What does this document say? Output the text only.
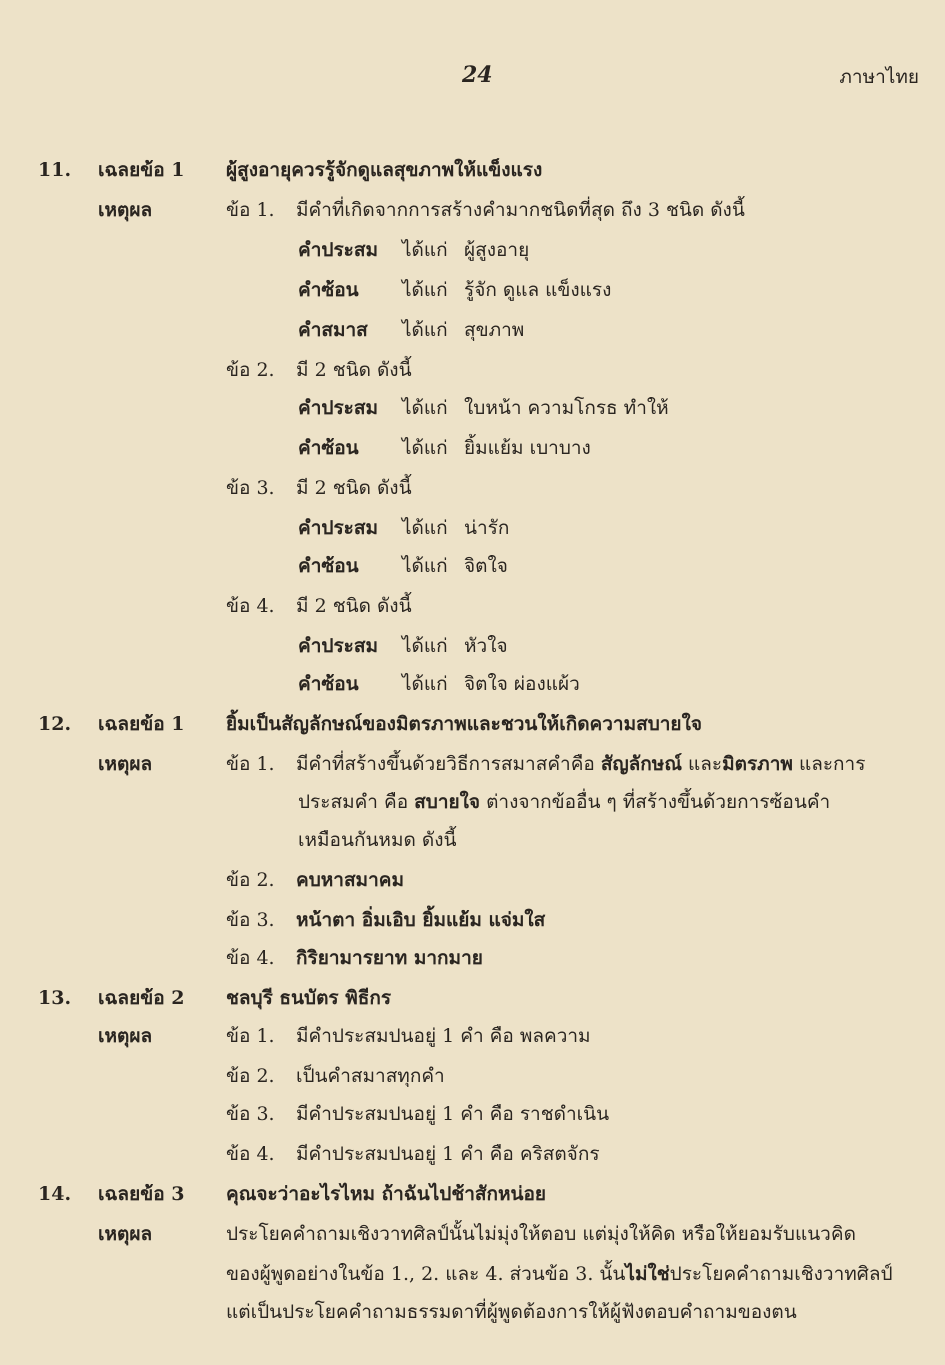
24	ภาษาไทย
11. เฉลยข้อ 1 ผู้สูงอายุควรรู้จักดูแลสุขภาพให้แข็งแรง
เหตุผล	ข้อ 1. มีคำที่เกิดจากการสร้างคำมากชนิดที่สุด ถึง 3 ชนิด ดังนี้
คำประสม ได้แก่ ผู้สูงอายุ
คำซ้อน ได้แก่ รู้จัก ดูแล แข็งแรง
คำสมาส ได้แก่ สุขภาพ
ข้อ 2. มี 2 ชนิด ดังนี้
คำประสม ได้แก่ ใบหน้า ความโกรธ ทำให้
คำซ้อน ได้แก่ ยิ้มแย้ม เบาบาง
ข้อ 3. มี 2 ชนิด ดังนี้
คำประสม ได้แก่ น่ารัก
คำซ้อน ได้แก่ จิตใจ
ข้อ 4. มี 2 ชนิด ดังนี้
คำประสม ได้แก่ หัวใจ
คำซ้อน ได้แก่ จิตใจ ผ่องแผ้ว
12. เฉลยข้อ 1 ยิ้มเป็นสัญลักษณ์ของมิตรภาพและชวนให้เกิดความสบายใจ
เหตุผล	ข้อ 1. มีคำที่สร้างขึ้นด้วยวิธีการสมาสคำคือ สัญลักษณ์ และมิตรภาพ และการ
ประสมคำ คือ สบายใจ ต่างจากข้ออื่น ๆ ที่สร้างขึ้นด้วยการซ้อนคำ
เหมือนกันหมด ดังนี้
ข้อ 2. คบหาสมาคม
ข้อ 3. หน้าตา อิ่มเอิบ ยิ้มแย้ม แจ่มใส
ข้อ 4. กิริยามารยาท มากมาย
13. เฉลยข้อ 2 ชลบุรี ธนบัตร พิธีกร
เหตุผล	ข้อ 1. มีคำประสมปนอยู่ 1 คำ คือ พลความ
ข้อ 2. เป็นคำสมาสทุกคำ
ข้อ 3. มีคำประสมปนอยู่ 1 คำ คือ ราชดำเนิน
ข้อ 4. มีคำประสมปนอยู่ 1 คำ คือ คริสตจักร
14. เฉลยข้อ 3 คุณจะว่าอะไรไหม ถ้าฉันไปช้าสักหน่อย
เหตุผล	ประโยคคำถามเชิงวาทศิลป์นั้นไม่มุ่งให้ตอบ แต่มุ่งให้คิด หรือให้ยอมรับแนวคิด
ของผู้พูดอย่างในข้อ 1., 2. และ 4. ส่วนข้อ 3. นั้นไม่ใช่ประโยคคำถามเชิงวาทศิลป์
แต่เป็นประโยคคำถามธรรมดาที่ผู้พูดต้องการให้ผู้ฟังตอบคำถามของตน
